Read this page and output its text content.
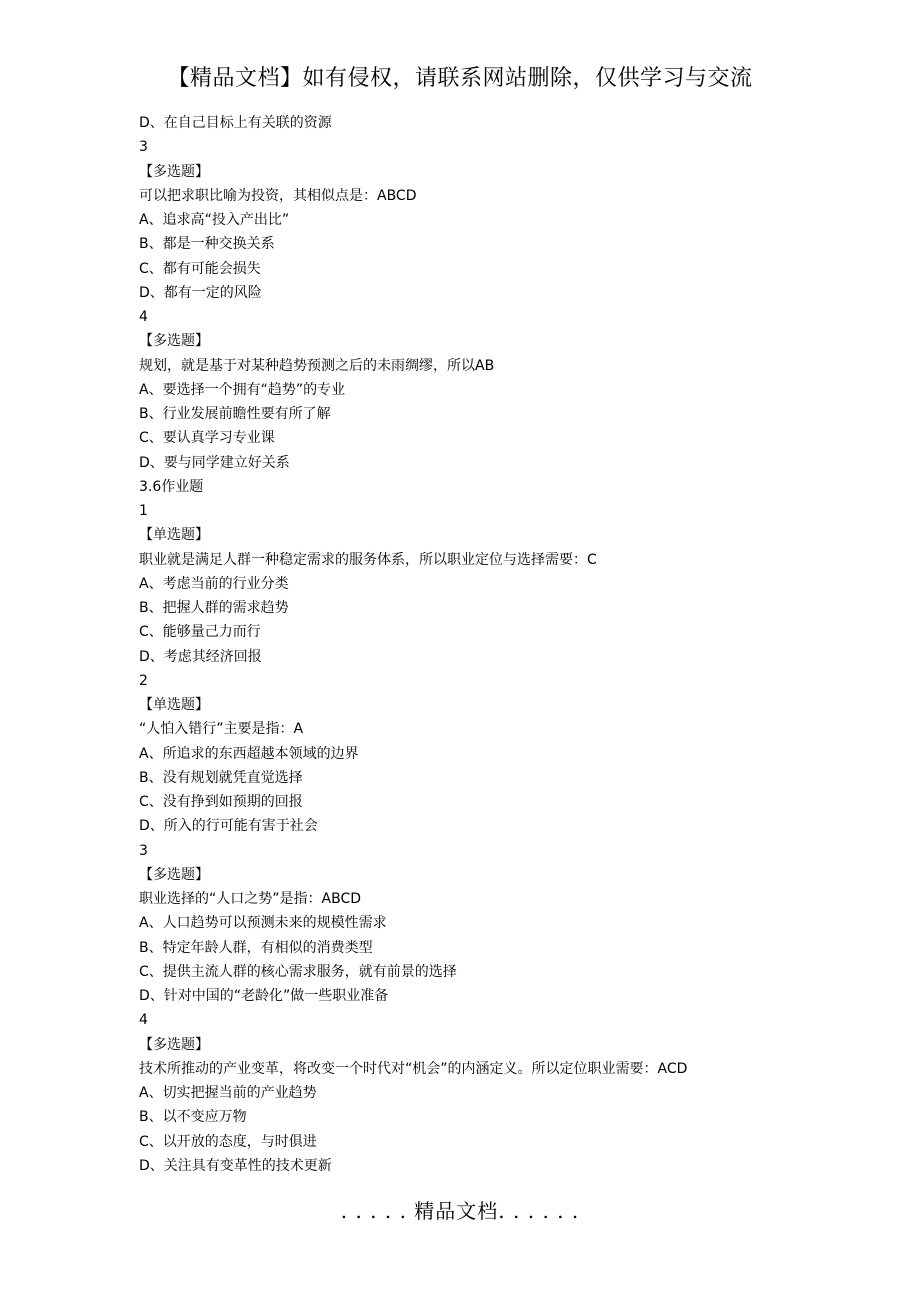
【精品文档】如有侵权，请联系网站删除，仅供学习与交流
D、在自己目标上有关联的资源
3
【多选题】
可以把求职比喻为投资，其相似点是：ABCD
A、追求高“投入产出比”
B、都是一种交换关系
C、都有可能会损失
D、都有一定的风险
4
【多选题】
规划，就是基于对某种趋势预测之后的未雨绸缪，所以AB
A、要选择一个拥有“趋势”的专业
B、行业发展前瞻性要有所了解
C、要认真学习专业课
D、要与同学建立好关系
3.6作业题
1
【单选题】
职业就是满足人群一种稳定需求的服务体系，所以职业定位与选择需要：C
A、考虑当前的行业分类
B、把握人群的需求趋势
C、能够量己力而行
D、考虑其经济回报
2
【单选题】
“人怕入错行”主要是指：A
A、所追求的东西超越本领域的边界
B、没有规划就凭直觉选择
C、没有挣到如预期的回报
D、所入的行可能有害于社会
3
【多选题】
职业选择的“人口之势”是指：ABCD
A、人口趋势可以预测未来的规模性需求
B、特定年龄人群，有相似的消费类型
C、提供主流人群的核心需求服务，就有前景的选择
D、针对中国的“老龄化”做一些职业准备
4
【多选题】
技术所推动的产业变革，将改变一个时代对“机会”的内涵定义。所以定位职业需要：ACD
A、切实把握当前的产业趋势
B、以不变应万物
C、以开放的态度，与时俱进
D、关注具有变革性的技术更新
. . . . . 精品文档. . . . . .
